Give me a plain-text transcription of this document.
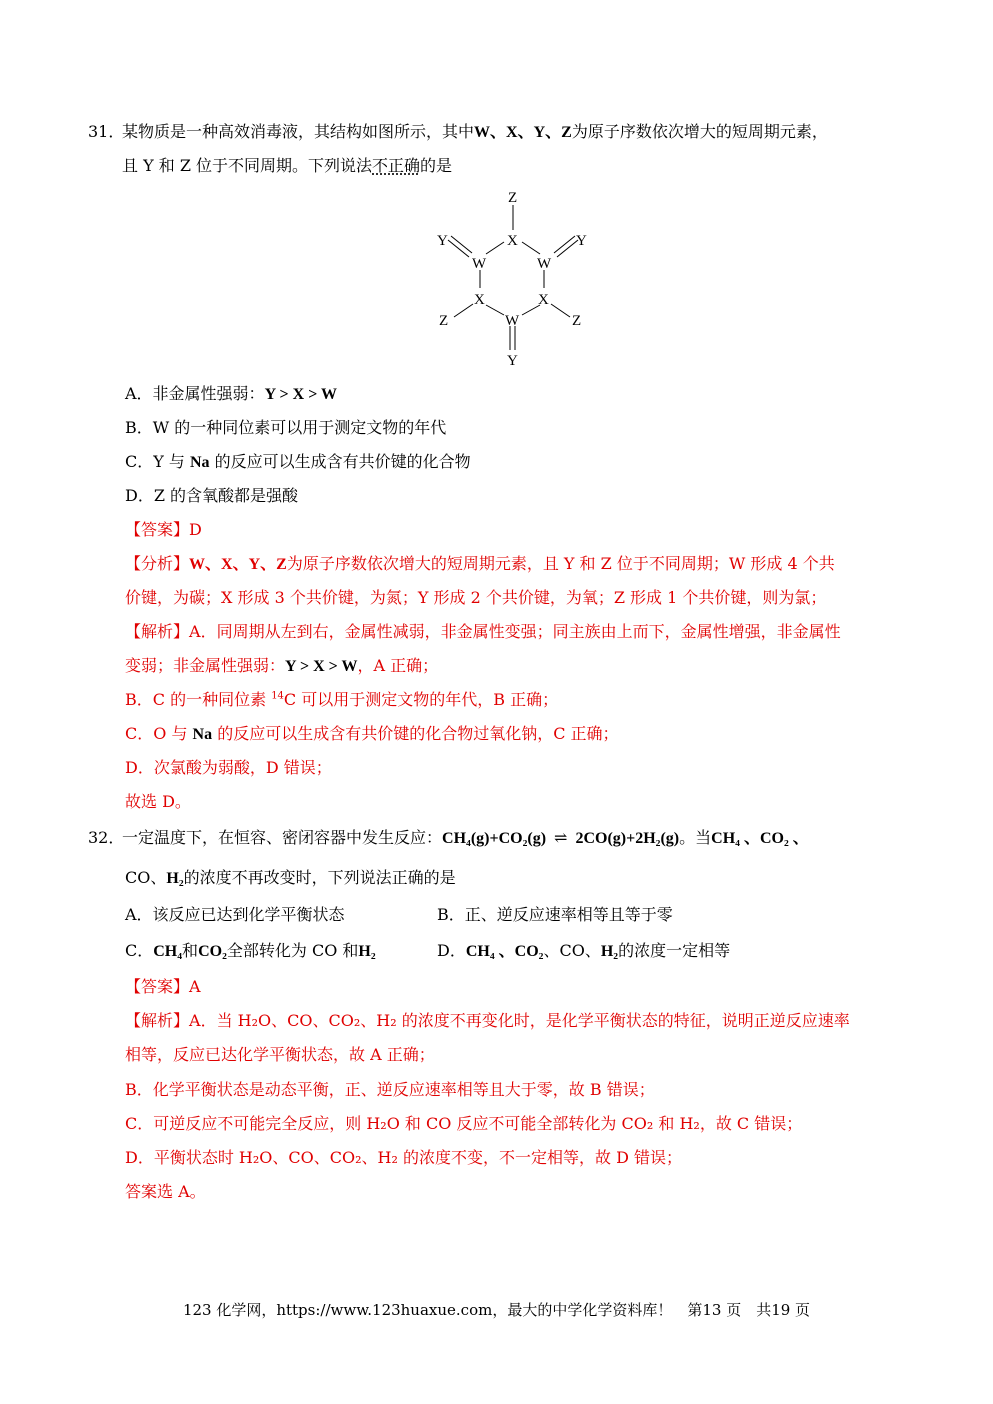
31．某物质是一种高效消毒液，其结构如图所示，其中W、X、Y、Z为原子序数依次增大的短周期元素，
且 Y 和 Z 位于不同周期。下列说法不正确的是
Z
X
Y
W	W
Y
X	X
W
Z	Z
Y
A．非金属性强弱：Y > X > W
B．W 的一种同位素可以用于测定文物的年代
C．Y 与 Na 的反应可以生成含有共价键的化合物
D．Z 的含氧酸都是强酸
【答案】D
【分析】W、X、Y、Z为原子序数依次增大的短周期元素，且 Y 和 Z 位于不同周期；W 形成 4 个共
价键，为碳；X 形成 3 个共价键，为氮；Y 形成 2 个共价键，为氧；Z 形成 1 个共价键，则为氯；
【解析】A．同周期从左到右，金属性减弱，非金属性变强；同主族由上而下，金属性增强，非金属性
变弱；非金属性强弱：Y > X > W，A 正确；
B．C 的一种同位素 $^{14}$C 可以用于测定文物的年代，B 正确；
C．O 与 Na 的反应可以生成含有共价键的化合物过氧化钠，C 正确；
D．次氯酸为弱酸，D 错误；
故选 D。
32．一定温度下，在恒容、密闭容器中发生反应：CH₄(g)+CO₂(g) ⇌ 2CO(g)+2H₂(g)。当CH₄ 、CO₂ 、
CO、H₂的浓度不再改变时，下列说法正确的是
A．该反应已达到化学平衡状态	B．正、逆反应速率相等且等于零
C．CH₄和CO₂全部转化为 CO 和H₂	D．CH₄ 、CO₂、CO、H₂的浓度一定相等
【答案】A
【解析】A．当 H₂O、CO、CO₂、H₂ 的浓度不再变化时，是化学平衡状态的特征，说明正逆反应速率
相等，反应已达化学平衡状态，故 A 正确；
B．化学平衡状态是动态平衡，正、逆反应速率相等且大于零，故 B 错误；
C．可逆反应不可能完全反应，则 H₂O 和 CO 反应不可能全部转化为 CO₂ 和 H₂，故 C 错误；
D．平衡状态时 H₂O、CO、CO₂、H₂ 的浓度不变，不一定相等，故 D 错误；
答案选 A。
123 化学网，https://www.123huaxue.com，最大的中学化学资料库！　第13 页　共19 页
